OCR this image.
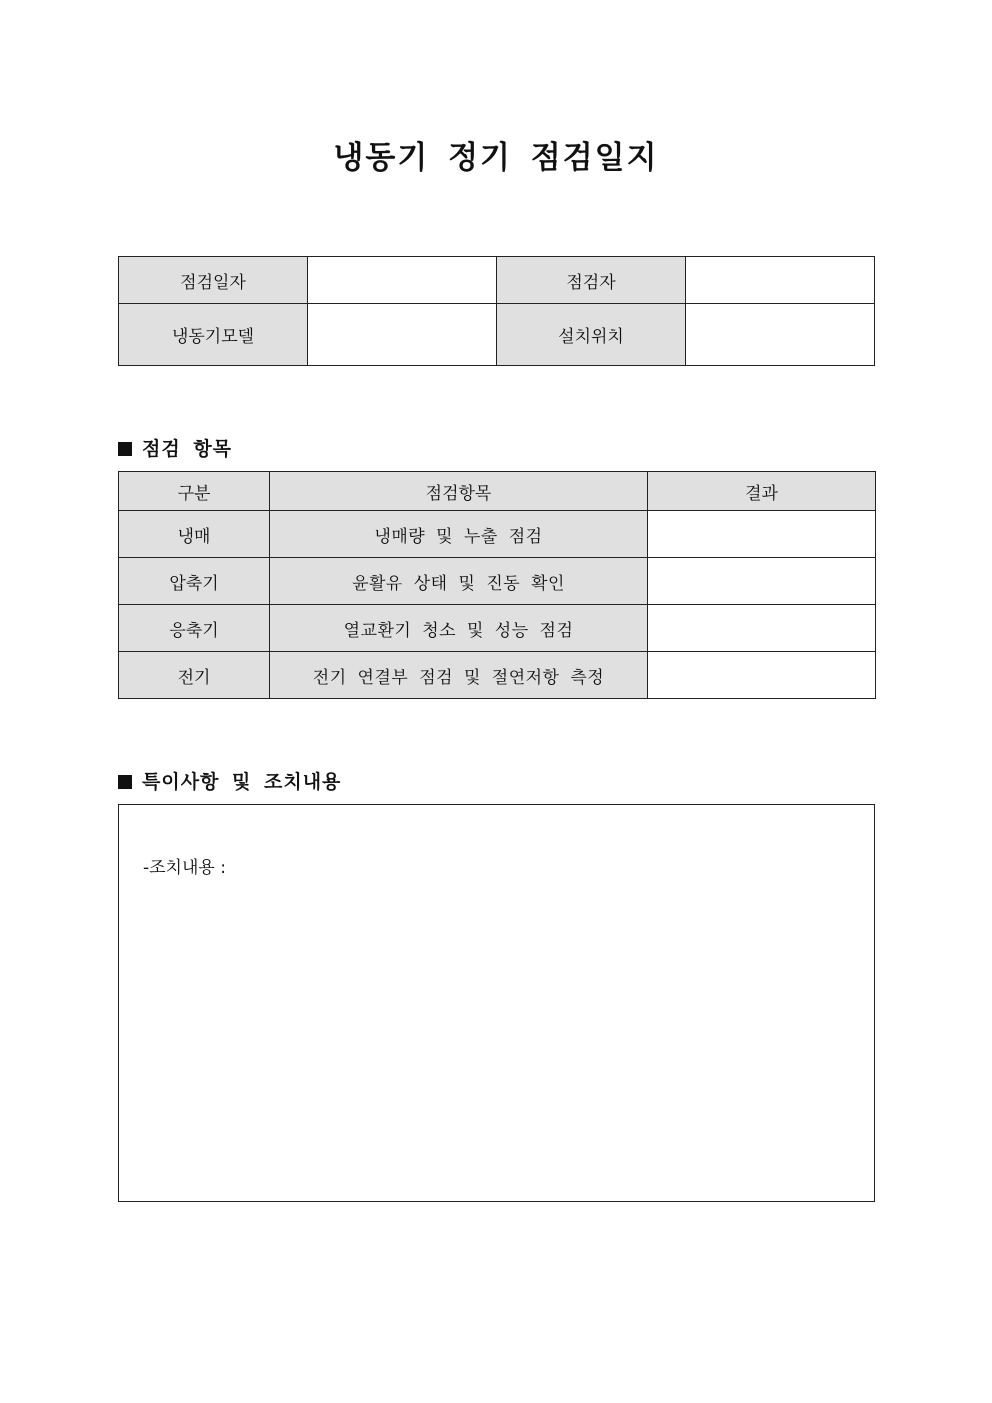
냉동기 정기 점검일지
점검일자		점검자	
냉동기모델		설치위치	
점검 항목
구분	점검항목	결과
냉매	냉매량 및 누출 점검	
압축기	윤활유 상태 및 진동 확인	
응축기	열교환기 청소 및 성능 점검	
전기	전기 연결부 점검 및 절연저항 측정	
특이사항 및 조치내용
-조치내용 :
